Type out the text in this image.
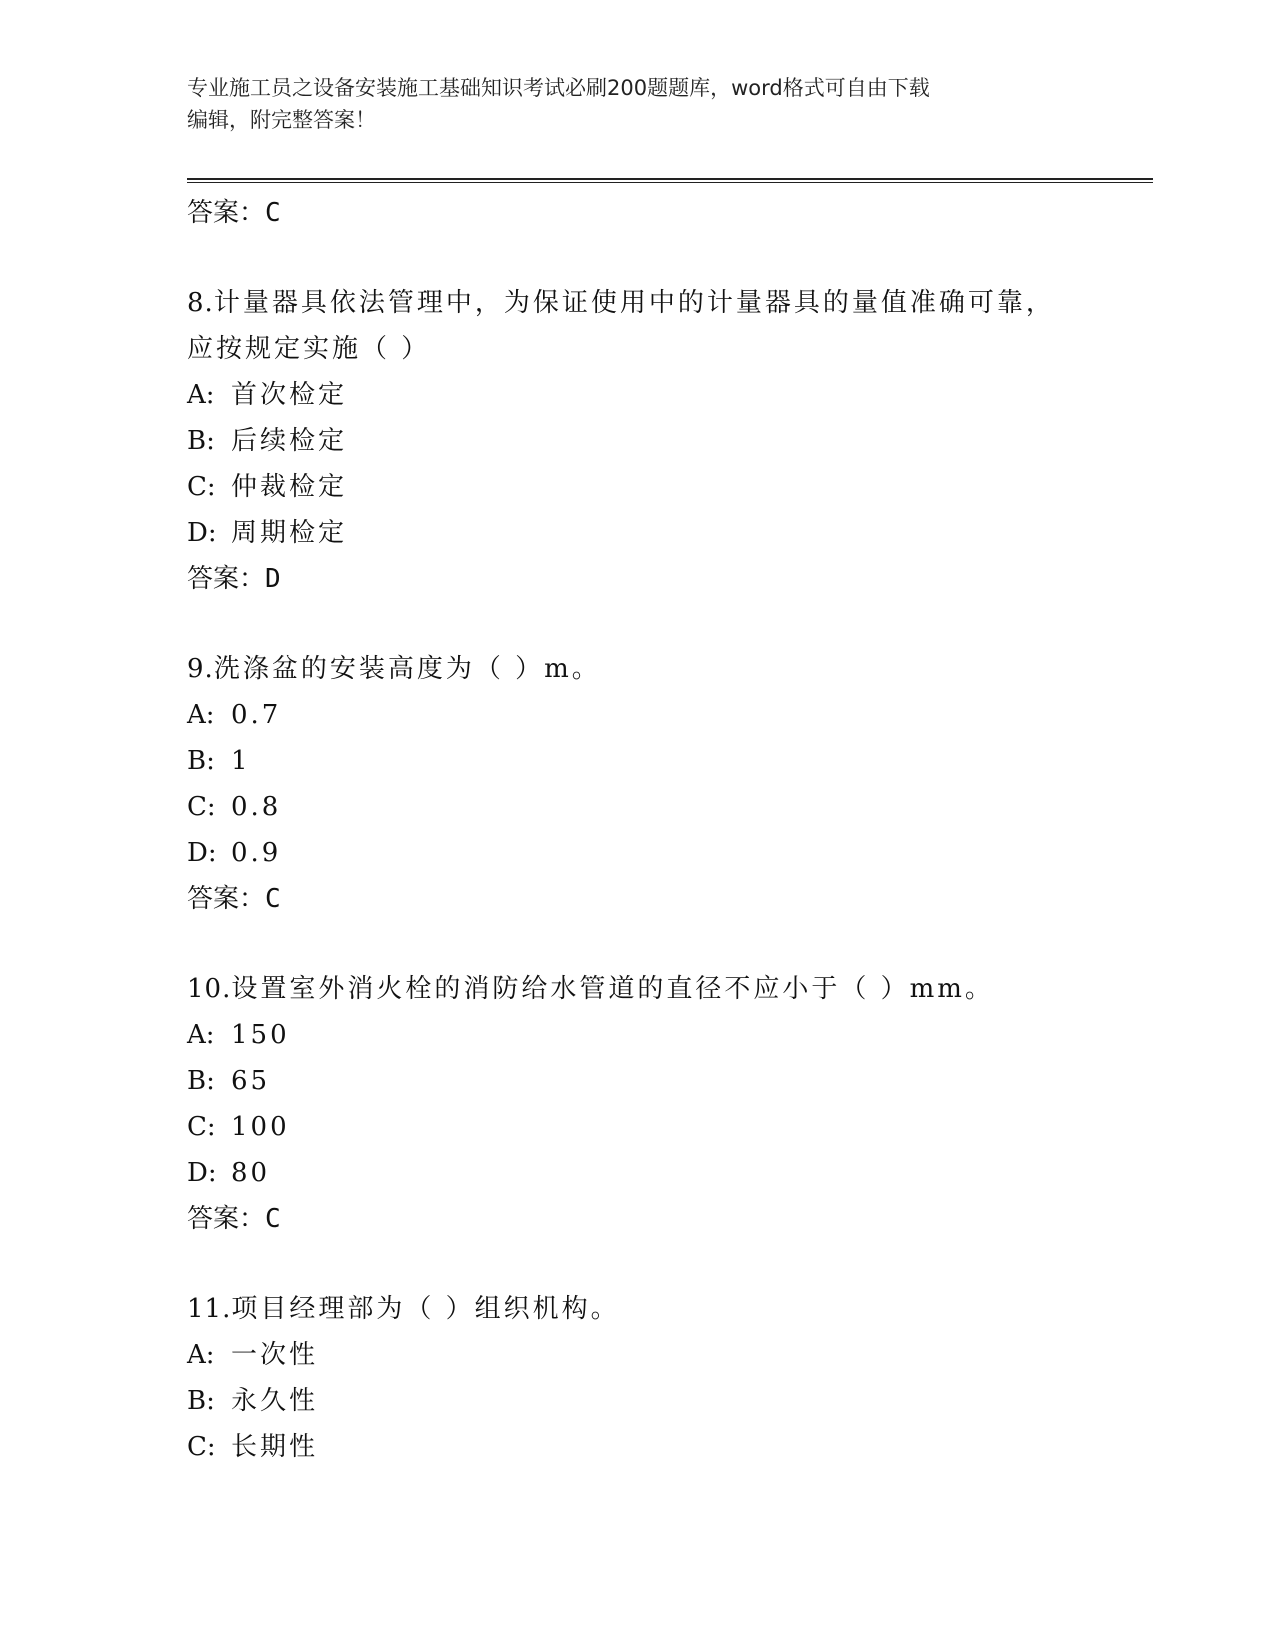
专业施工员之设备安装施工基础知识考试必刷200题题库，word格式可自由下载
编辑，附完整答案！
答案：C
8.计量器具依法管理中，为保证使用中的计量器具的量值准确可靠，
应按规定实施（ ）
A: 首次检定
B: 后续检定
C: 仲裁检定
D: 周期检定
答案：D
9.洗涤盆的安装高度为（ ）m。
A: 0.7
B: 1
C: 0.8
D: 0.9
答案：C
10.设置室外消火栓的消防给水管道的直径不应小于（ ）mm。
A: 150
B: 65
C: 100
D: 80
答案：C
11.项目经理部为（ ）组织机构。
A: 一次性
B: 永久性
C: 长期性
